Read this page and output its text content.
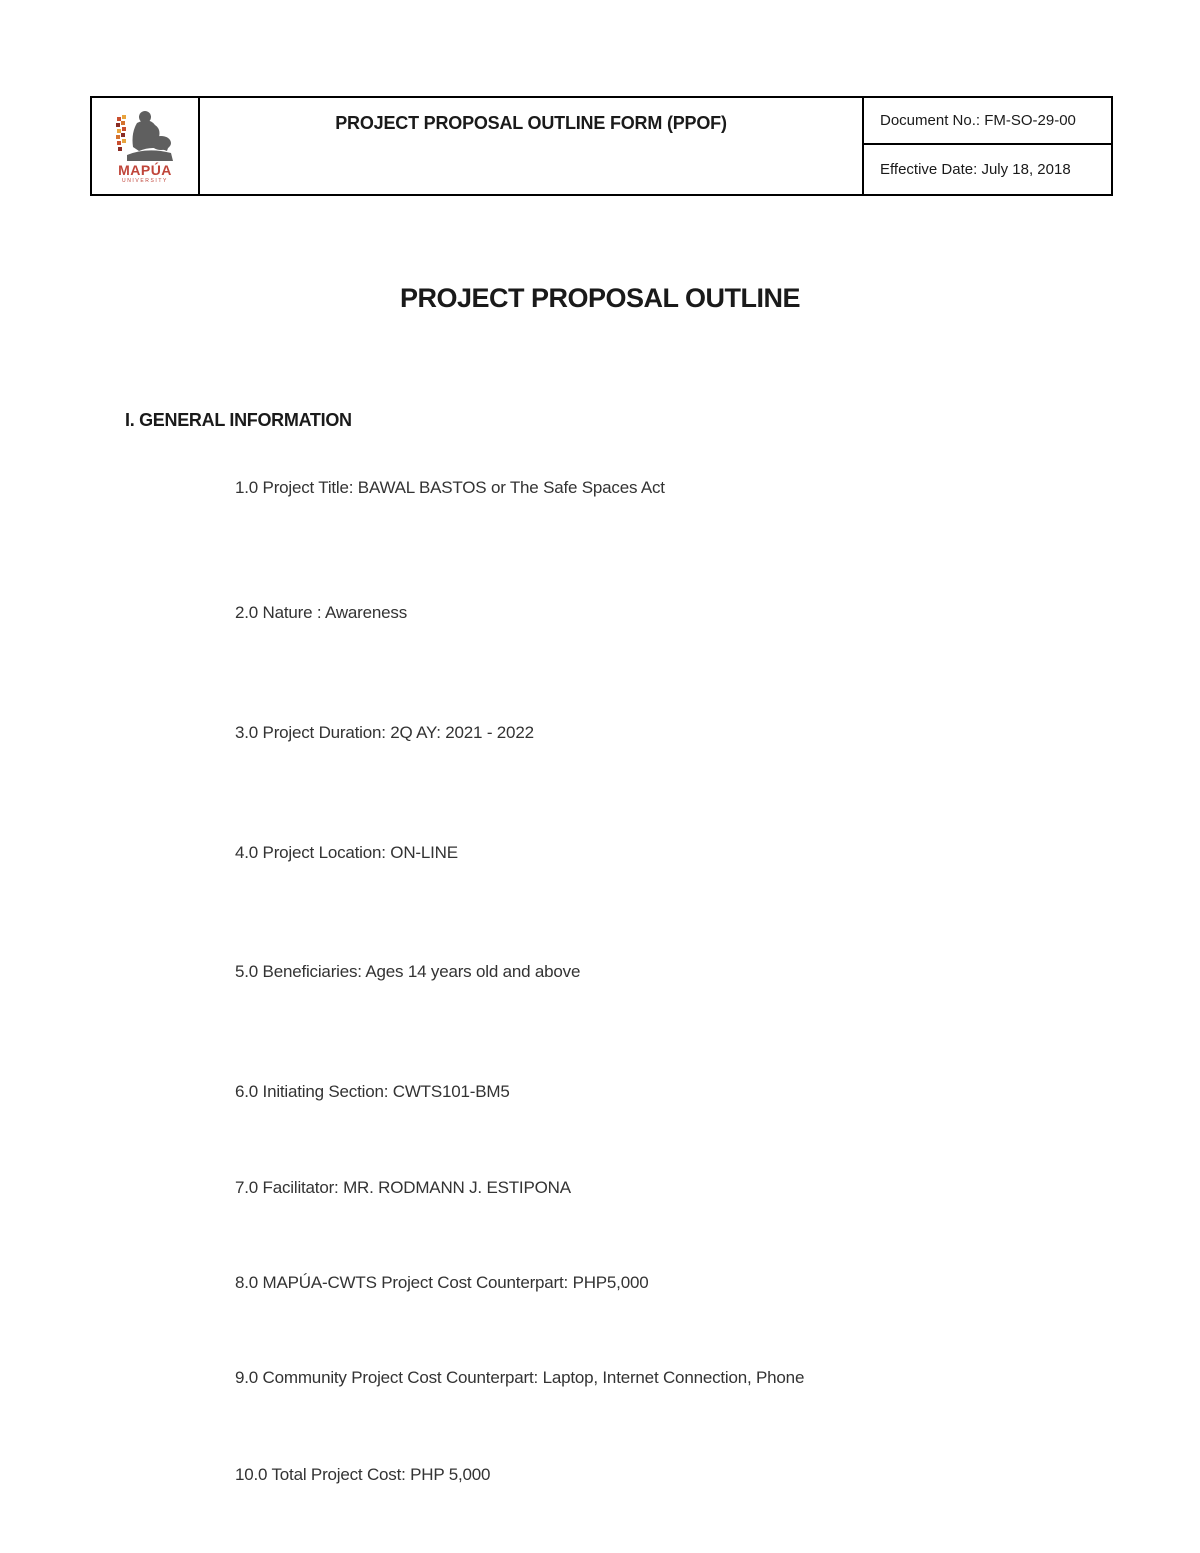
MAPÚA
UNIVERSITY
PROJECT PROPOSAL OUTLINE FORM (PPOF)	Document No.: FM-SO-29-00
Effective Date: July 18, 2018
PROJECT PROPOSAL OUTLINE
I. GENERAL INFORMATION
1.0 Project Title: BAWAL BASTOS or The Safe Spaces Act
2.0 Nature : Awareness
3.0 Project Duration: 2Q AY: 2021 - 2022
4.0 Project Location: ON-LINE
5.0 Beneficiaries: Ages 14 years old and above
6.0 Initiating Section: CWTS101-BM5
7.0 Facilitator: MR. RODMANN J. ESTIPONA
8.0 MAPÚA-CWTS Project Cost Counterpart: PHP5,000
9.0 Community Project Cost Counterpart: Laptop, Internet Connection, Phone
10.0 Total Project Cost: PHP 5,000
